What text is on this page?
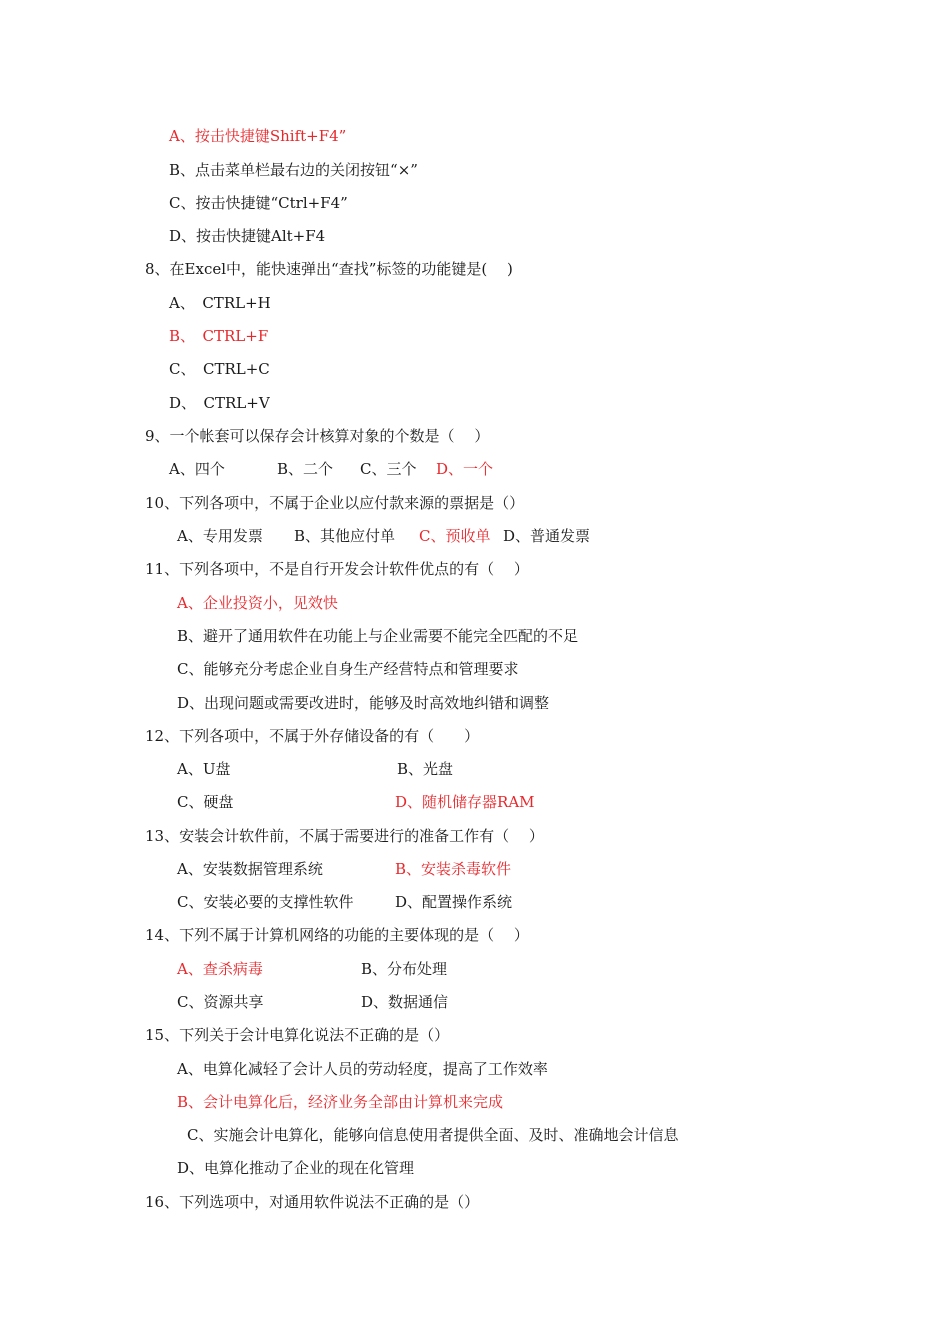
A、按击快捷键Shift+F4”
B、点击菜单栏最右边的关闭按钮“×”
C、按击快捷键“Ctrl+F4”
D、按击快捷键Alt+F4
8、在Excel中，能快速弹出“查找”标签的功能键是(　 )
A、　CTRL+H
B、　CTRL+F
C、　CTRL+C
D、　CTRL+V
9、一个帐套可以保存会计核算对象的个数是（　 ）

A、四个

	B、二个

C、三个

D、一个

10、下列各项中，不属于企业以应付款来源的票据是（）

A、专用发票

B、其他应付单

C、预收单

D、普通发票

11、下列各项中，不是自行开发会计软件优点的有（　 ）
A、企业投资小，见效快
B、避开了通用软件在功能上与企业需要不能完全匹配的不足
C、能够充分考虑企业自身生产经营特点和管理要求
D、出现问题或需要改进时，能够及时高效地纠错和调整
12、下列各项中，不属于外存储设备的有（　　）

A、U盘

	B、光盘

C、硬盘

	D、随机储存器RAM

13、安装会计软件前，不属于需要进行的准备工作有（　 ）

A、安装数据管理系统

	B、安装杀毒软件

C、安装必要的支撑性软件

	D、配置操作系统

14、下列不属于计算机网络的功能的主要体现的是（　 ）

A、查杀病毒

	B、分布处理

C、资源共享

	D、数据通信

15、下列关于会计电算化说法不正确的是（）
A、电算化减轻了会计人员的劳动轻度，提高了工作效率
B、会计电算化后，经济业务全部由计算机来完成
C、实施会计电算化，能够向信息使用者提供全面、及时、准确地会计信息
D、电算化推动了企业的现在化管理
16、下列选项中，对通用软件说法不正确的是（）
